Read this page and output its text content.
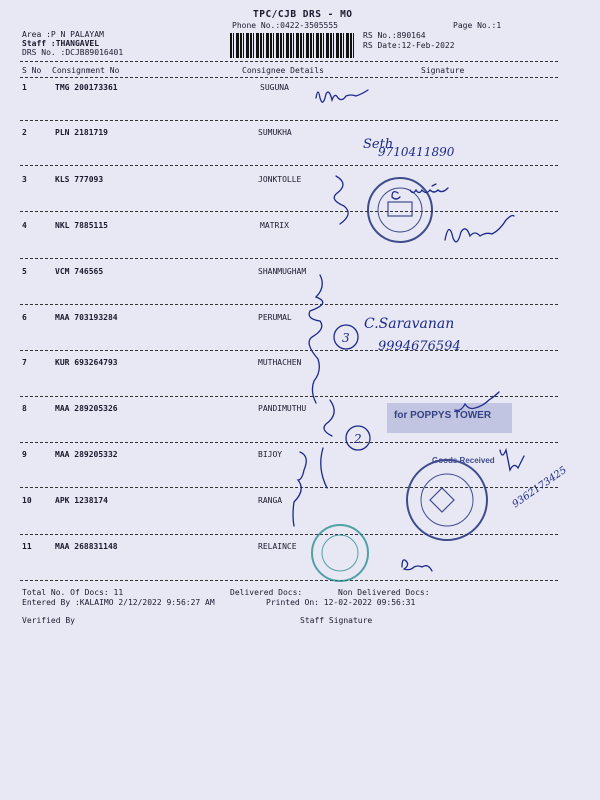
TPC/CJB DRS - MO
Phone No.:0422-3505555	Page No.:1
Area :P N PALAYAM
Staff :THANGAVEL
DRS No. :DCJB89016401
RS No.:890164
RS Date:12-Feb-2022
S No Consignment No	Consignee Details	Signature
1	TMG 200173361	SUGUNA
2	PLN 2181719	SUMUKHA
3	KLS 777093	JONKTOLLE
4	NKL 7885115	MATRIX
5	VCM 746565	SHANMUGHAM
6	MAA 703193284	PERUMAL
7	KUR 693264793	MUTHACHEN
8	MAA 289205326	PANDIMUTHU
9	MAA 289205332	BIJOY
10	APK 1238174	RANGA
11	MAA 268831148	RELAINCE
Total No. Of Docs: 11	Delivered Docs:	Non Delivered Docs:
Entered By :KALAIMO 2/12/2022 9:56:27 AM	Printed On: 12-02-2022 09:56:31
Verified By	Staff Signature
Seth
9710411890
C.Saravanan
9994676594
3
2
9362173425
for POPPYS TOWER
Goods Received
